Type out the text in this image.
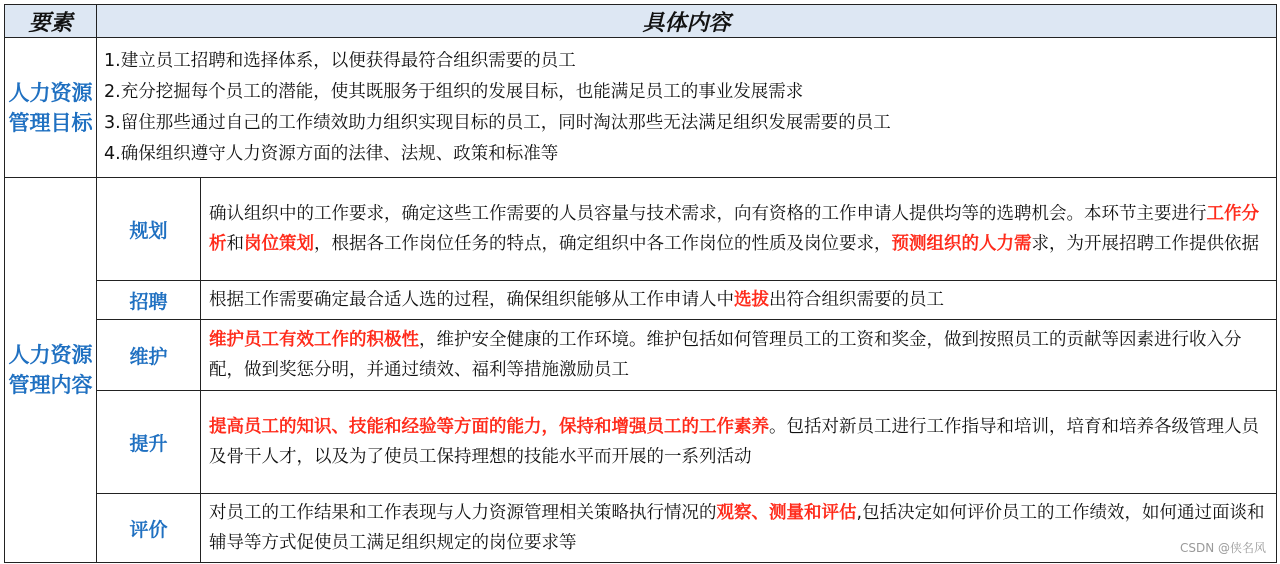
要素	具体内容	
人力资源管理目标	1.建立员工招聘和选择体系，以便获得最符合组织需要的员工
2.充分挖掘每个员工的潜能，使其既服务于组织的发展目标，也能满足员工的事业发展需求
3.留住那些通过自己的工作绩效助力组织实现目标的员工，同时淘汰那些无法满足组织发展需要的员工
4.确保组织遵守人力资源方面的法律、法规、政策和标准等	

人力资源管理内容	规划	确认组织中的工作要求，确定这些工作需要的人员容量与技术需求，向有资格的工作申请人提供均等的选聘机会。本环节主要进行工作分析和岗位策划，根据各工作岗位任务的特点，确定组织中各工作岗位的性质及岗位要求，预测组织的人力需求，为开展招聘工作提供依据
	招聘	根据工作需要确定最合适人选的过程，确保组织能够从工作申请人中选拔出符合组织需要的员工
	维护	维护员工有效工作的积极性，维护安全健康的工作环境。维护包括如何管理员工的工资和奖金，做到按照员工的贡献等因素进行收入分配，做到奖惩分明，并通过绩效、福利等措施激励员工
	提升	提高员工的知识、技能和经验等方面的能力，保持和增强员工的工作素养。包括对新员工进行工作指导和培训，培育和培养各级管理人员及骨干人才，以及为了使员工保持理想的技能水平而开展的一系列活动
	评价	对员工的工作结果和工作表现与人力资源管理相关策略执行情况的观察、测量和评估,包括决定如何评价员工的工作绩效，如何通过面谈和辅导等方式促使员工满足组织规定的岗位要求等	CSDN @侠名风
